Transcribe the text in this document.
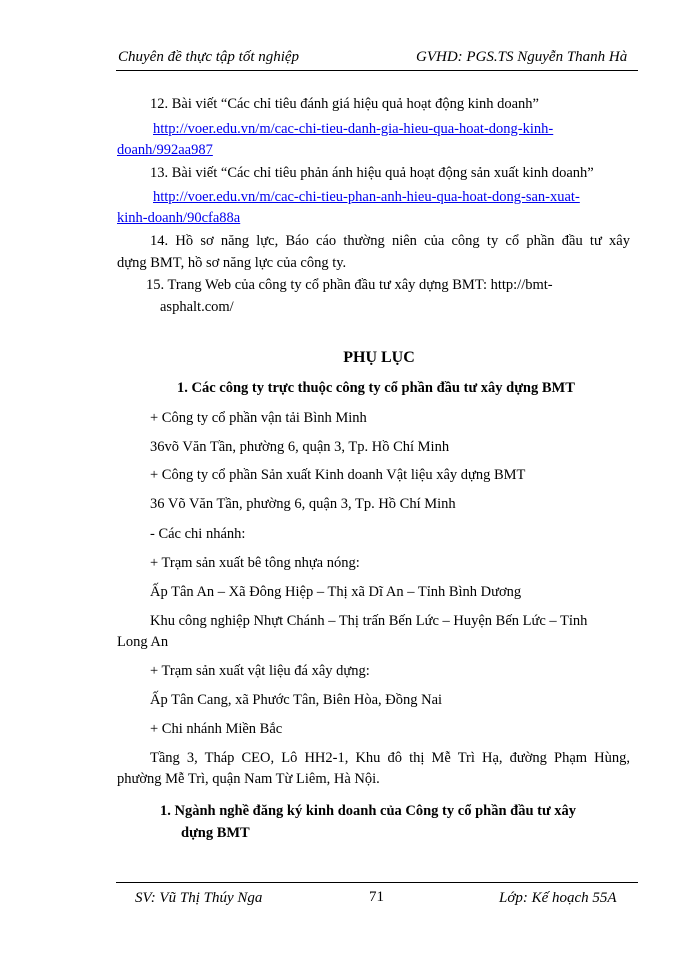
Chuyên đề thực tập tốt nghiệp	GVHD: PGS.TS Nguyễn Thanh Hà
12. Bài viết “Các chỉ tiêu đánh giá hiệu quả hoạt động kinh doanh”
http://voer.edu.vn/m/cac-chi-tieu-danh-gia-hieu-qua-hoat-dong-kinh-
doanh/992aa987
13. Bài viết “Các chỉ tiêu phản ánh hiệu quả hoạt động sản xuất kinh doanh”
http://voer.edu.vn/m/cac-chi-tieu-phan-anh-hieu-qua-hoat-dong-san-xuat-
kinh-doanh/90cfa88a
14. Hồ sơ năng lực, Báo cáo thường niên của công ty cổ phần đầu tư xây
dựng BMT, hồ sơ năng lực của công ty.
15. Trang Web của công ty cổ phần đầu tư xây dựng BMT: http://bmt-
asphalt.com/
PHỤ LỤC
1. Các công ty trực thuộc công ty cổ phần đầu tư xây dựng BMT
+ Công ty cổ phần vận tải Bình Minh
36võ Văn Tần, phường 6, quận 3, Tp. Hồ Chí Minh
+ Công ty cổ phần Sản xuất Kinh doanh Vật liệu xây dựng BMT
36 Võ Văn Tần, phường 6, quận 3, Tp. Hồ Chí Minh
- Các chi nhánh:
+ Trạm sản xuất bê tông nhựa nóng:
Ấp Tân An – Xã Đông Hiệp – Thị xã Dĩ An – Tỉnh Bình Dương
Khu công nghiệp Nhựt Chánh – Thị trấn Bến Lức – Huyện Bến Lức – Tỉnh
Long An
+ Trạm sản xuất vật liệu đá xây dựng:
Ấp Tân Cang, xã Phước Tân, Biên Hòa, Đồng Nai
+ Chi nhánh Miền Bắc
Tầng 3, Tháp CEO, Lô HH2-1, Khu đô thị Mễ Trì Hạ, đường Phạm Hùng,
phường Mễ Trì, quận Nam Từ Liêm, Hà Nội.
1. Ngành nghề đăng ký kinh doanh của Công ty cổ phần đầu tư xây
dựng BMT
SV: Vũ Thị Thúy Nga	71	Lớp: Kế hoạch 55A
